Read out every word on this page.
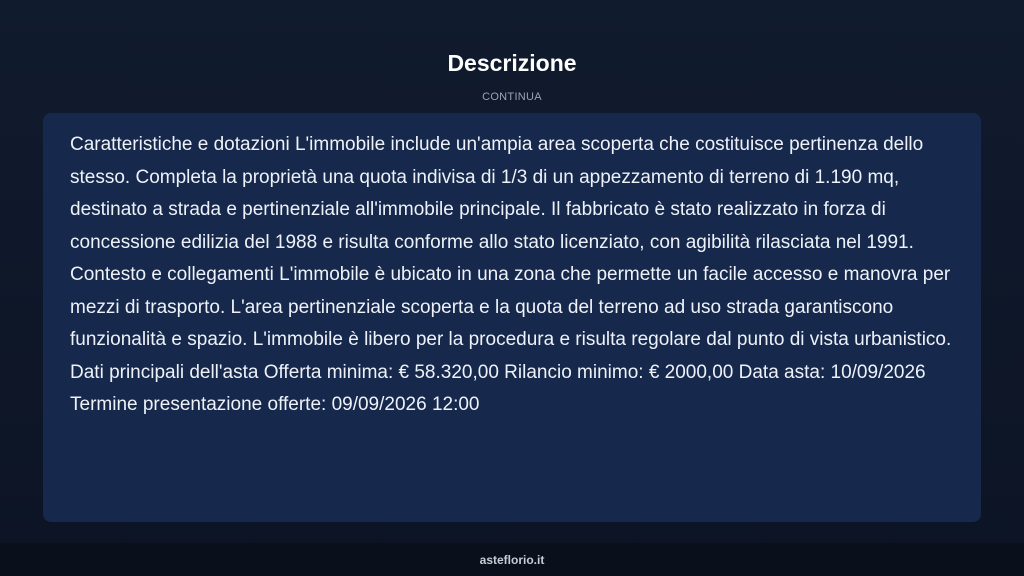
Descrizione
CONTINUA

Caratteristiche e dotazioni L'immobile include un'ampia area scoperta che costituisce pertinenza dello stesso. Completa la proprietà una quota indivisa di 1/3 di un appezzamento di terreno di 1.190 mq, destinato a strada e pertinenziale all'immobile principale. Il fabbricato è stato realizzato in forza di concessione edilizia del 1988 e risulta conforme allo stato licenziato, con agibilità rilasciata nel 1991. Contesto e collegamenti L'immobile è ubicato in una zona che permette un facile accesso e manovra per mezzi di trasporto. L'area pertinenziale scoperta e la quota del terreno ad uso strada garantiscono funzionalità e spazio. L'immobile è libero per la procedura e risulta regolare dal punto di vista urbanistico. Dati principali dell'asta Offerta minima: € 58.320,00 Rilancio minimo: € 2000,00 Data asta: 10/09/2026 Termine presentazione offerte: 09/09/2026 12:00

asteflorio.it
